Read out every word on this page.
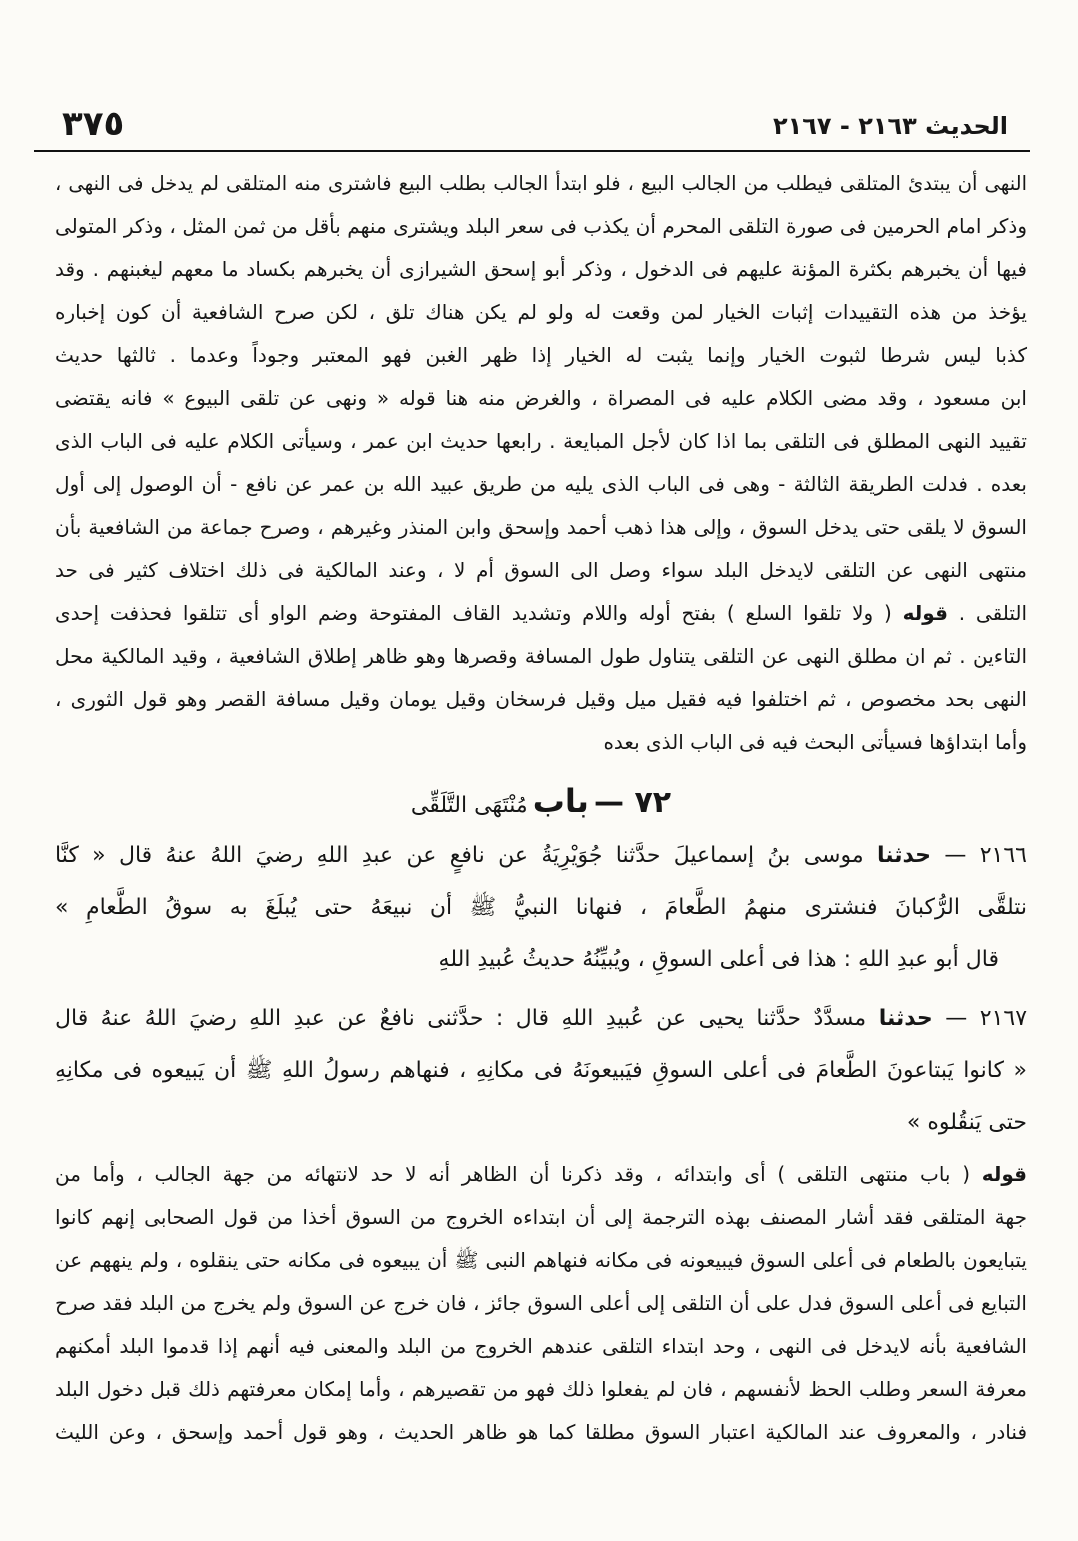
الحديث ٢١٦٣ - ٢١٦٧
٣٧٥
النهى أن يبتدئ المتلقى فيطلب من الجالب البيع ، فلو ابتدأ الجالب بطلب البيع فاشترى منه المتلقى لم يدخل فى النهى ،
وذكر امام الحرمين فى صورة التلقى المحرم أن يكذب فى سعر البلد ويشترى منهم بأقل من ثمن المثل ، وذكر المتولى
فيها أن يخبرهم بكثرة المؤنة عليهم فى الدخول ، وذكر أبو إسحق الشيرازى أن يخبرهم بكساد ما معهم ليغبنهم . وقد
يؤخذ من هذه التقييدات إثبات الخيار لمن وقعت له ولو لم يكن هناك تلق ، لكن صرح الشافعية أن كون إخباره
كذبا ليس شرطا لثبوت الخيار وإنما يثبت له الخيار إذا ظهر الغبن فهو المعتبر وجوداً وعدما . ثالثها حديث
ابن مسعود ، وقد مضى الكلام عليه فى المصراة ، والغرض منه هنا قوله « ونهى عن تلقى البيوع » فانه يقتضى
تقييد النهى المطلق فى التلقى بما اذا كان لأجل المبايعة . رابعها حديث ابن عمر ، وسيأتى الكلام عليه فى الباب الذى
بعده . فدلت الطريقة الثالثة - وهى فى الباب الذى يليه من طريق عبيد الله بن عمر عن نافع - أن الوصول إلى أول
السوق لا يلقى حتى يدخل السوق ، وإلى هذا ذهب أحمد وإسحق وابن المنذر وغيرهم ، وصرح جماعة من الشافعية بأن
منتهى النهى عن التلقى لايدخل البلد سواء وصل الى السوق أم لا ، وعند المالكية فى ذلك اختلاف كثير فى حد
التلقى . قوله ( ولا تلقوا السلع ) بفتح أوله واللام وتشديد القاف المفتوحة وضم الواو أى تتلقوا فحذفت إحدى
التاءين . ثم ان مطلق النهى عن التلقى يتناول طول المسافة وقصرها وهو ظاهر إطلاق الشافعية ، وقيد المالكية محل
النهى بحد مخصوص ، ثم اختلفوا فيه فقيل ميل وقيل فرسخان وقيل يومان وقيل مسافة القصر وهو قول الثورى ،
وأما ابتداؤها فسيأتى البحث فيه فى الباب الذى بعده
٧٢ — باب مُنْتَهَى التَّلَقِّى
٢١٦٦ — حدثنا موسى بنُ إسماعيلَ حدَّثنا جُوَيْرِيَةُ عن نافعٍ عن عبدِ اللهِ رضيَ اللهُ عنهُ قال « كنَّا
نتلقَّى الرُّكبانَ فنشترى منهمُ الطَّعامَ ، فنهانا النبيُّ ﷺ أن نبيعَهُ حتى يُبلَغَ به سوقُ الطَّعامِ »
قال أبو عبدِ اللهِ : هذا فى أعلى السوقِ ، ويُبيِّنُهُ حديثُ عُبيدِ اللهِ
٢١٦٧ — حدثنا مسدَّدٌ حدَّثنا يحيى عن عُبيدِ اللهِ قال : حدَّثنى نافعٌ عن عبدِ اللهِ رضيَ اللهُ عنهُ قال
« كانوا يَبتاعونَ الطَّعامَ فى أعلى السوقِ فيَبيعونَهُ فى مكانِهِ ، فنهاهم رسولُ اللهِ ﷺ أن يَبيعوه فى مكانِهِ
حتى يَنقُلوه »
قوله ( باب منتهى التلقى ) أى وابتدائه ، وقد ذكرنا أن الظاهر أنه لا حد لانتهائه من جهة الجالب ، وأما من
جهة المتلقى فقد أشار المصنف بهذه الترجمة إلى أن ابتداءه الخروج من السوق أخذا من قول الصحابى إنهم كانوا
يتبايعون بالطعام فى أعلى السوق فيبيعونه فى مكانه فنهاهم النبى ﷺ أن يبيعوه فى مكانه حتى ينقلوه ، ولم ينههم عن
التبايع فى أعلى السوق فدل على أن التلقى إلى أعلى السوق جائز ، فان خرج عن السوق ولم يخرج من البلد فقد صرح
الشافعية بأنه لايدخل فى النهى ، وحد ابتداء التلقى عندهم الخروج من البلد والمعنى فيه أنهم إذا قدموا البلد أمكنهم
معرفة السعر وطلب الحظ لأنفسهم ، فان لم يفعلوا ذلك فهو من تقصيرهم ، وأما إمكان معرفتهم ذلك قبل دخول البلد
فنادر ، والمعروف عند المالكية اعتبار السوق مطلقا كما هو ظاهر الحديث ، وهو قول أحمد وإسحق ، وعن الليث
